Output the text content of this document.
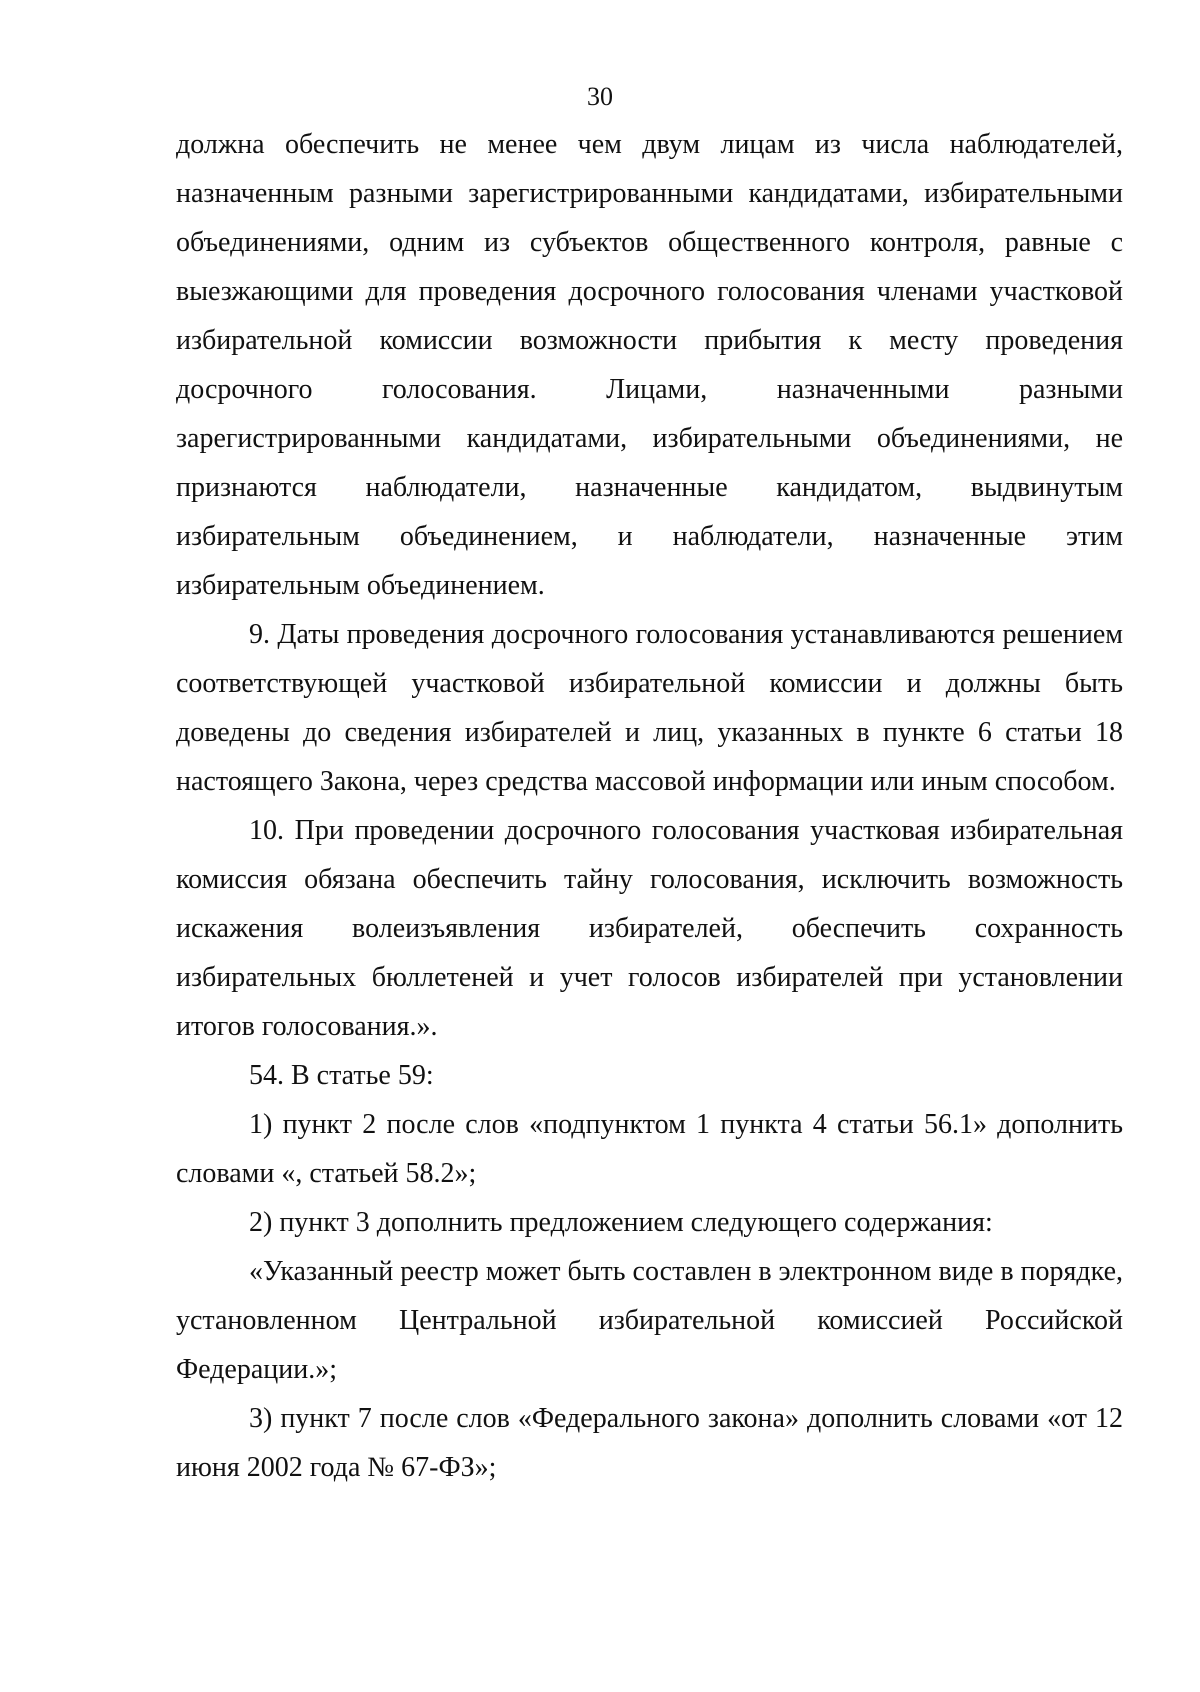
30

должна обеспечить не менее чем двум лицам из числа наблюдателей, назначенным разными зарегистрированными кандидатами, избирательными объединениями, одним из субъектов общественного контроля, равные с выезжающими для проведения досрочного голосования членами участковой избирательной комиссии возможности прибытия к месту проведения досрочного голосования. Лицами, назначенными разными зарегистрированными кандидатами, избирательными объединениями, не признаются наблюдатели, назначенные кандидатом, выдвинутым избирательным объединением, и наблюдатели, назначенные этим избирательным объединением.

9. Даты проведения досрочного голосования устанавливаются решением соответствующей участковой избирательной комиссии и должны быть доведены до сведения избирателей и лиц, указанных в пункте 6 статьи 18 настоящего Закона, через средства массовой информации или иным способом.

10. При проведении досрочного голосования участковая избирательная комиссия обязана обеспечить тайну голосования, исключить возможность искажения волеизъявления избирателей, обеспечить сохранность избирательных бюллетеней и учет голосов избирателей при установлении итогов голосования.».

54. В статье 59:

1) пункт 2 после слов «подпунктом 1 пункта 4 статьи 56.1» дополнить словами «, статьей 58.2»;

2) пункт 3 дополнить предложением следующего содержания:

«Указанный реестр может быть составлен в электронном виде в порядке, установленном Центральной избирательной комиссией Российской Федерации.»;

3) пункт 7 после слов «Федерального закона» дополнить словами «от 12 июня 2002 года № 67-ФЗ»;
